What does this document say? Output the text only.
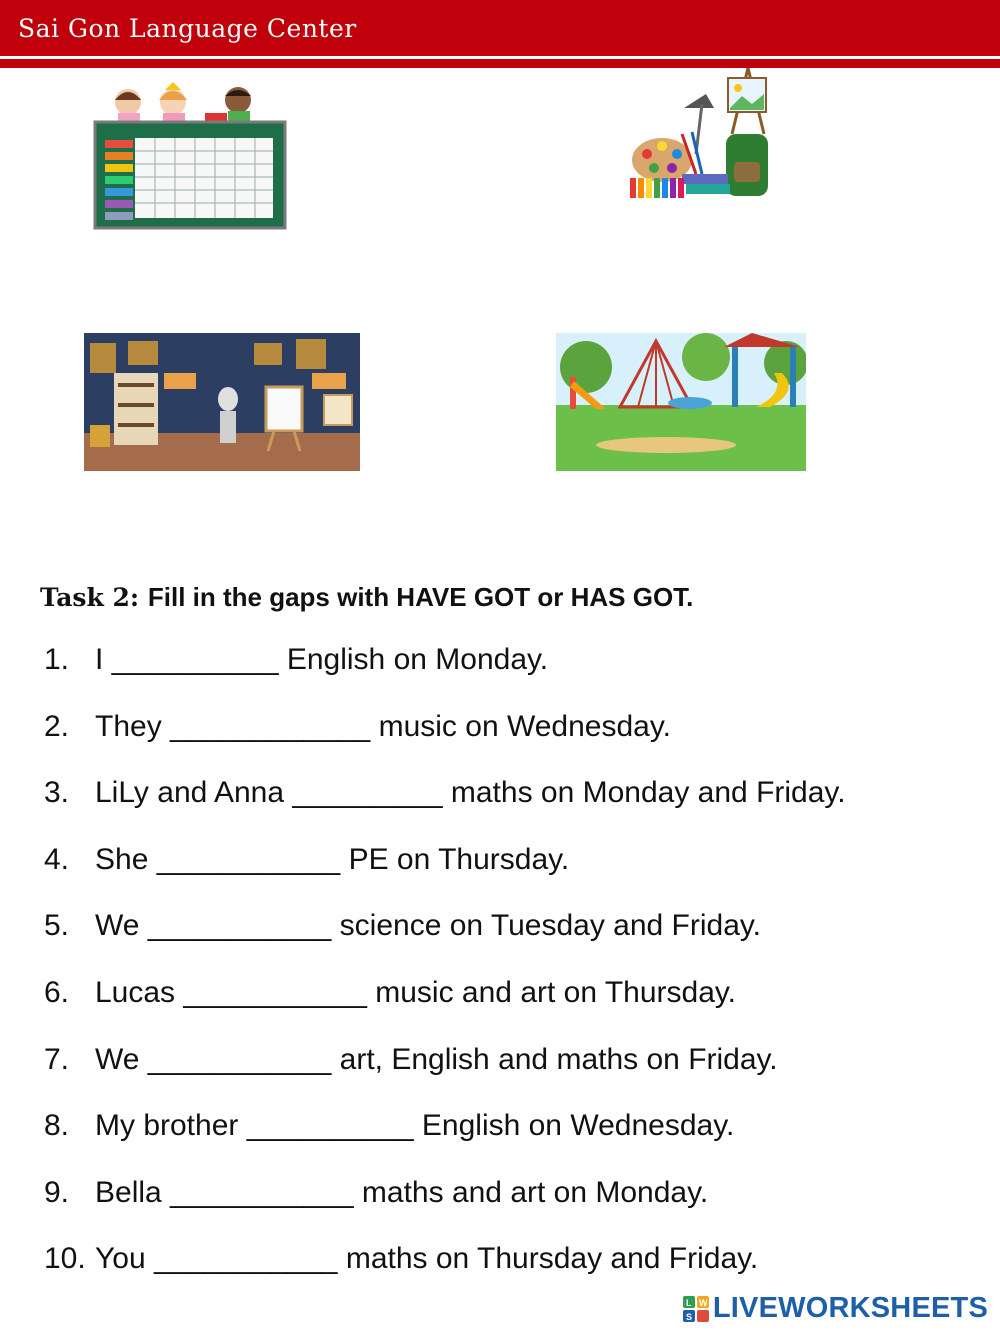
Sai Gon Language Center
Task 2: Fill in the gaps with HAVE GOT or HAS GOT.
1. I __________ English on Monday.
2. They ____________ music on Wednesday.
3. LiLy and Anna _________ maths on Monday and Friday.
4. She ___________ PE on Thursday.
5. We ___________ science on Tuesday and Friday.
6. Lucas ___________ music and art on Thursday.
7. We ___________ art, English and maths on Friday.
8. My brother __________ English on Wednesday.
9. Bella ___________ maths and art on Monday.
10. You ___________ maths on Thursday and Friday.
L W
S LIVEWORKSHEETS
